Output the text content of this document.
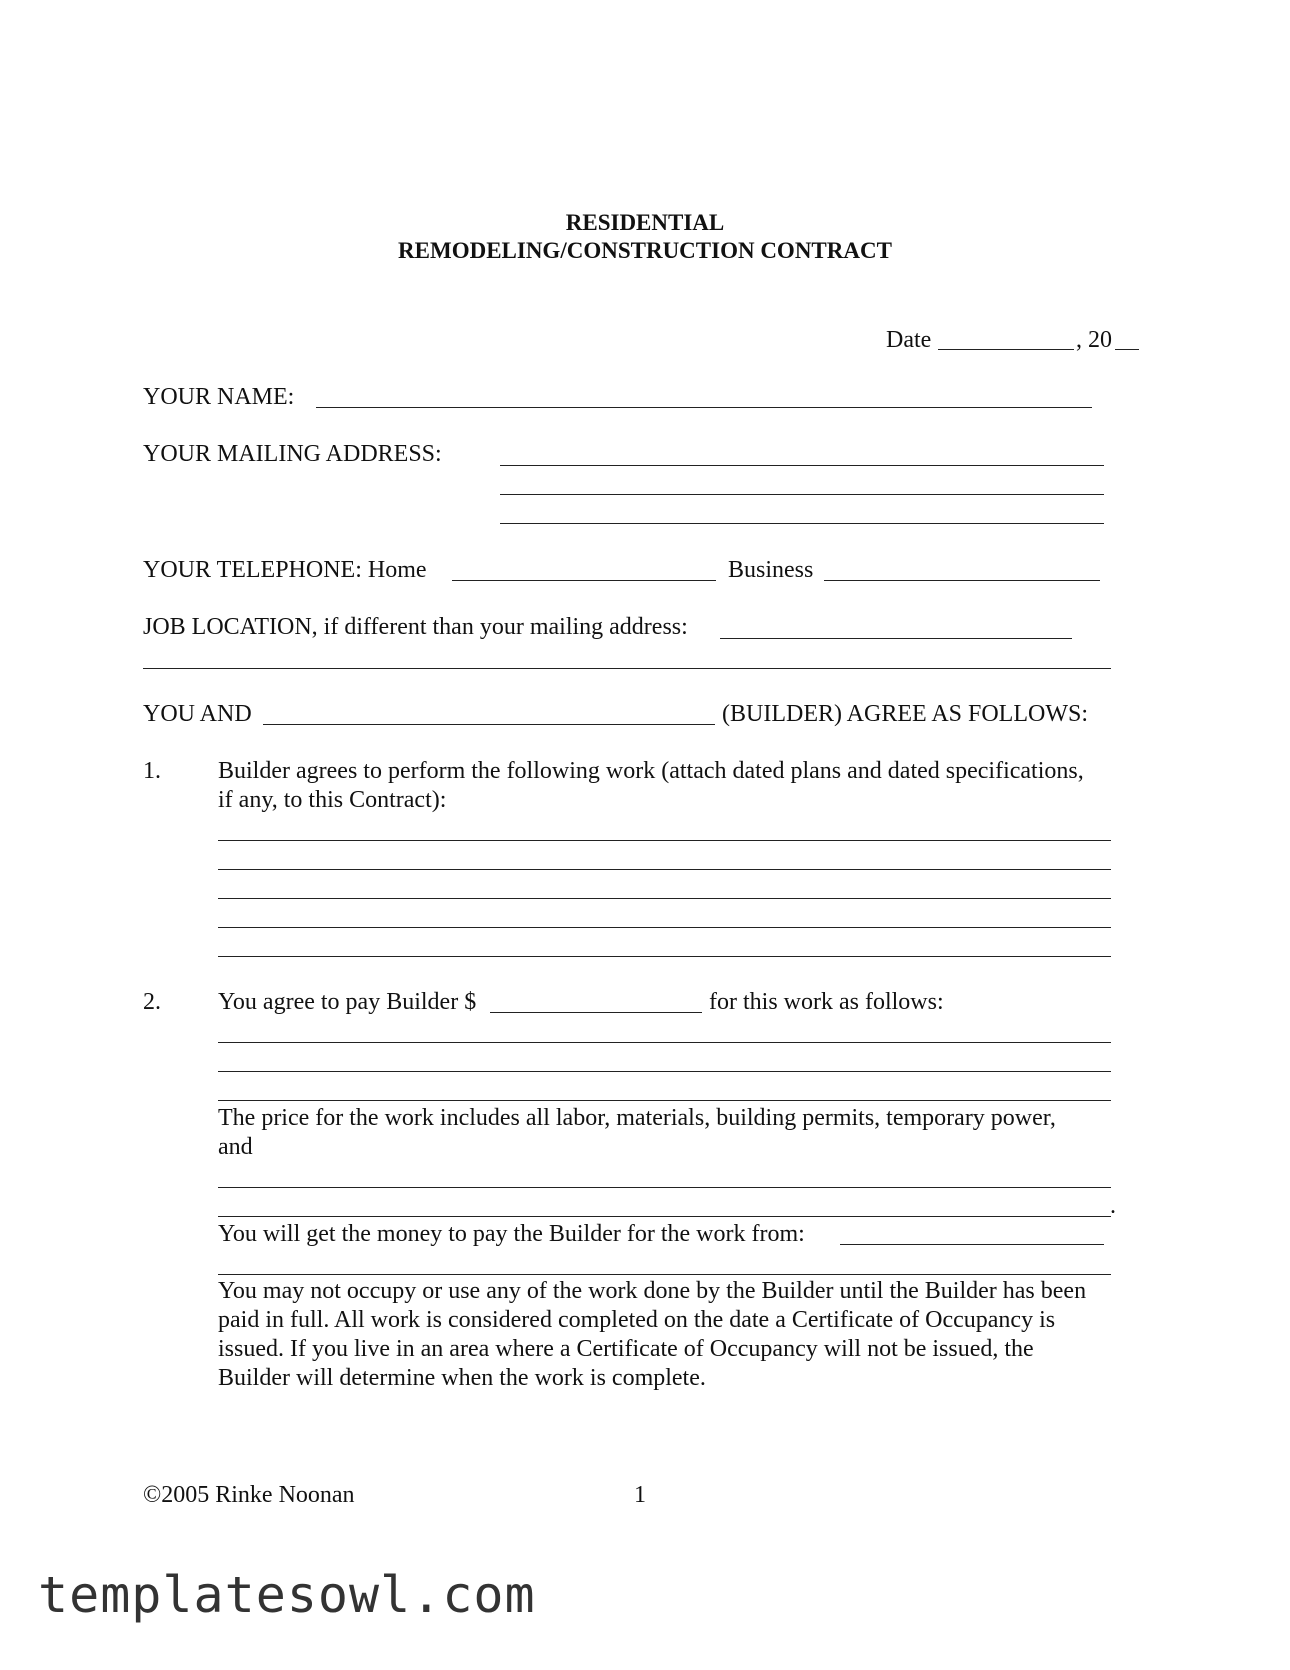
RESIDENTIAL
REMODELING/CONSTRUCTION CONTRACT
Date	, 20
YOUR NAME:
YOUR MAILING ADDRESS:
YOUR TELEPHONE: Home	Business
JOB LOCATION, if different than your mailing address:
YOU AND	(BUILDER) AGREE AS FOLLOWS:
1. Builder agrees to perform the following work (attach dated plans and dated specifications,
if any, to this Contract):
2. You agree to pay Builder $	for this work as follows:
The price for the work includes all labor, materials, building permits, temporary power,
and
.
You will get the money to pay the Builder for the work from:
You may not occupy or use any of the work done by the Builder until the Builder has been
paid in full. All work is considered completed on the date a Certificate of Occupancy is
issued. If you live in an area where a Certificate of Occupancy will not be issued, the
Builder will determine when the work is complete.
©2005 Rinke Noonan	1
templatesowl.com
